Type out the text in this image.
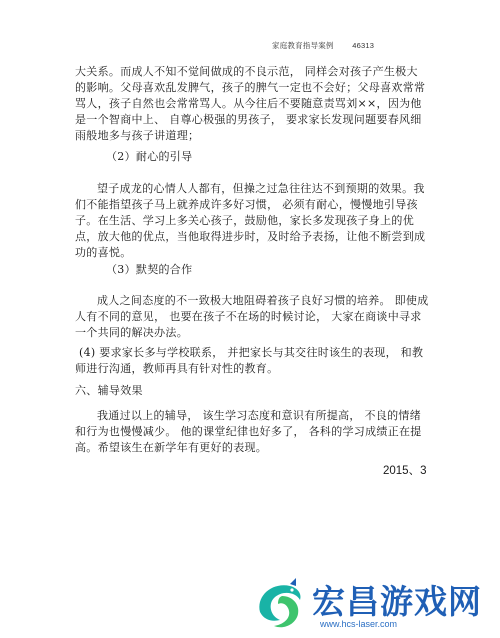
家庭教育指导案例 46313
大关系。而成人不知不觉间做成的不良示范， 同样会对孩子产生极大
的影响。父母喜欢乱发脾气，孩子的脾气一定也不会好；父母喜欢常常
骂人，孩子自然也会常常骂人。从今往后不要随意责骂刘××，因为他
是一个智商中上、 自尊心极强的男孩子， 要求家长发现问题要春风细
雨般地多与孩子讲道理；
（2）耐心的引导
望子成龙的心情人人都有，但操之过急往往达不到预期的效果。我
们不能指望孩子马上就养成许多好习惯， 必须有耐心，慢慢地引导孩
子。在生活、学习上多关心孩子，鼓励他，家长多发现孩子身上的优
点，放大他的优点，当他取得进步时，及时给予表扬，让他不断尝到成
功的喜悦。
（3）默契的合作
成人之间态度的不一致极大地阻碍着孩子良好习惯的培养。 即使成
人有不同的意见， 也要在孩子不在场的时候讨论， 大家在商谈中寻求
一个共同的解决办法。
(4) 要求家长多与学校联系， 并把家长与其交往时该生的表现， 和教
师进行沟通，教师再具有针对性的教育。
六、辅导效果
我通过以上的辅导， 该生学习态度和意识有所提高， 不良的情绪
和行为也慢慢减少。 他的课堂纪律也好多了， 各科的学习成绩正在提
高。希望该生在新学年有更好的表现。
2015、3
宏昌游戏网
www.hcs-laser.com
